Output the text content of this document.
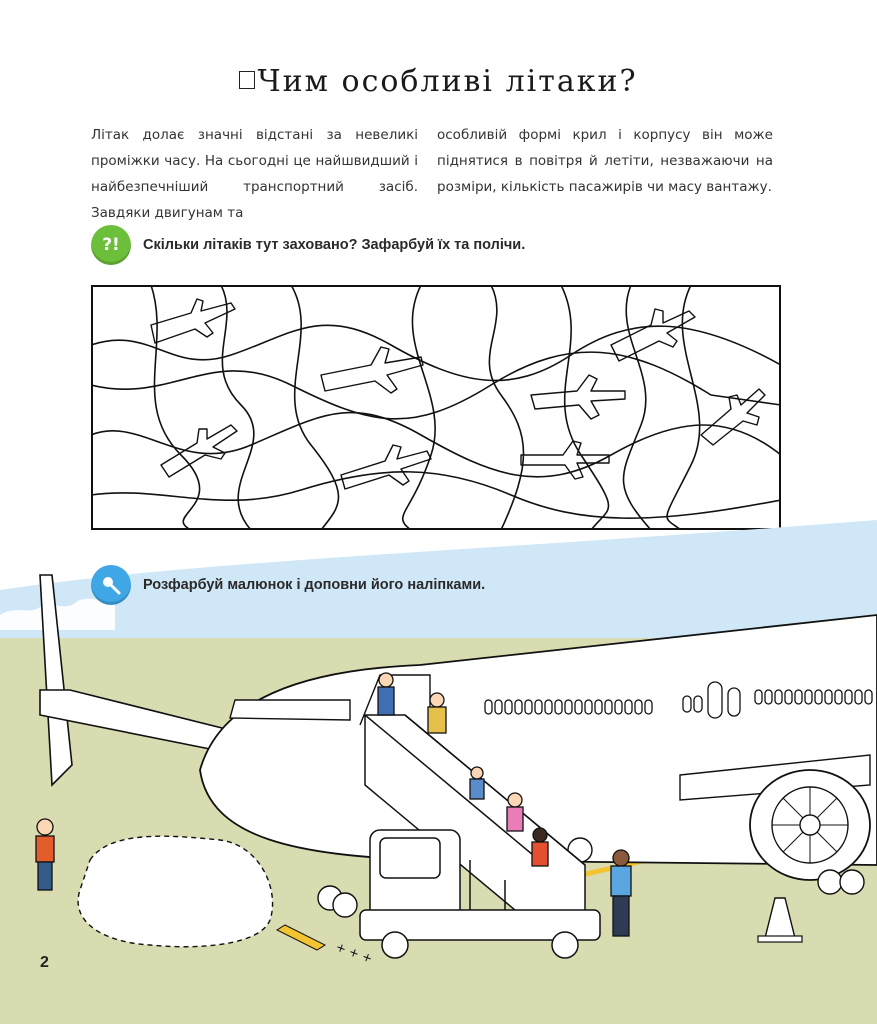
Чим особливі літаки?
Літак долає значні відстані за невеликі проміжки часу. На сьогодні це найшвидший і найбезпечніший транспортний засіб. Завдяки двигунам та
особливій формі крил і корпусу він може піднятися в повітря й летіти, незважаючи на розміри, кількість пасажирів чи масу вантажу.
?! Скільки літаків тут заховано? Зафарбуй їх та полічи.
Розфарбуй малюнок і доповни його наліпками.
+ + +
2
